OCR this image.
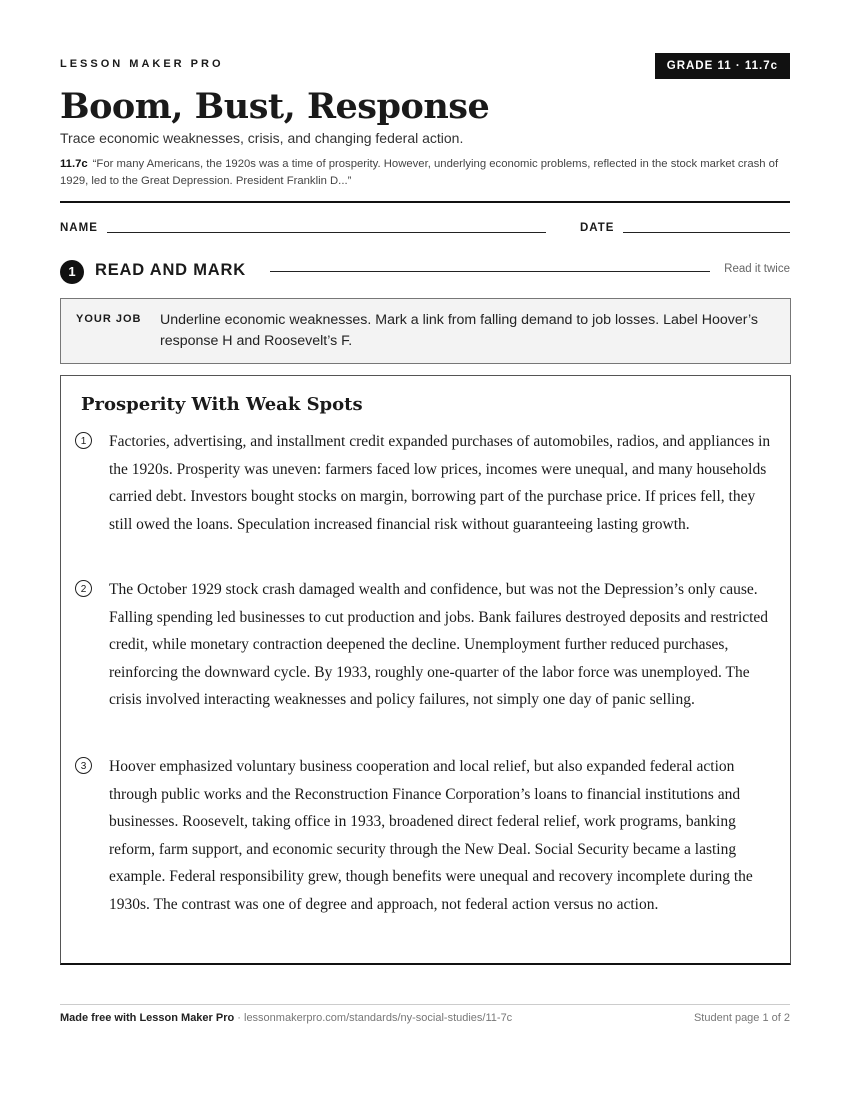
LESSON MAKER PRO	GRADE 11 · 11.7c
Boom, Bust, Response
Trace economic weaknesses, crisis, and changing federal action.
11.7c “For many Americans, the 1920s was a time of prosperity. However, underlying economic problems, reflected in the stock market crash of 1929, led to the Great Depression. President Franklin D...”
NAME	DATE
1	READ AND MARK	Read it twice
YOUR JOB Underline economic weaknesses. Mark a link from falling demand to job losses. Label Hoover’s response H and Roosevelt’s F.
Prosperity With Weak Spots
1	Factories, advertising, and installment credit expanded purchases of automobiles, radios, and appliances in the 1920s. Prosperity was uneven: farmers faced low prices, incomes were unequal, and many households carried debt. Investors bought stocks on margin, borrowing part of the purchase price. If prices fell, they still owed the loans. Speculation increased financial risk without guaranteeing lasting growth.
2	The October 1929 stock crash damaged wealth and confidence, but was not the Depression’s only cause. Falling spending led businesses to cut production and jobs. Bank failures destroyed deposits and restricted credit, while monetary contraction deepened the decline. Unemployment further reduced purchases, reinforcing the downward cycle. By 1933, roughly one-quarter of the labor force was unemployed. The crisis involved interacting weaknesses and policy failures, not simply one day of panic selling.
3	Hoover emphasized voluntary business cooperation and local relief, but also expanded federal action through public works and the Reconstruction Finance Corporation’s loans to financial institutions and businesses. Roosevelt, taking office in 1933, broadened direct federal relief, work programs, banking reform, farm support, and economic security through the New Deal. Social Security became a lasting example. Federal responsibility grew, though benefits were unequal and recovery incomplete during the 1930s. The contrast was one of degree and approach, not federal action versus no action.
Made free with Lesson Maker Pro · lessonmakerpro.com/standards/ny-social-studies/11-7c	Student page 1 of 2
